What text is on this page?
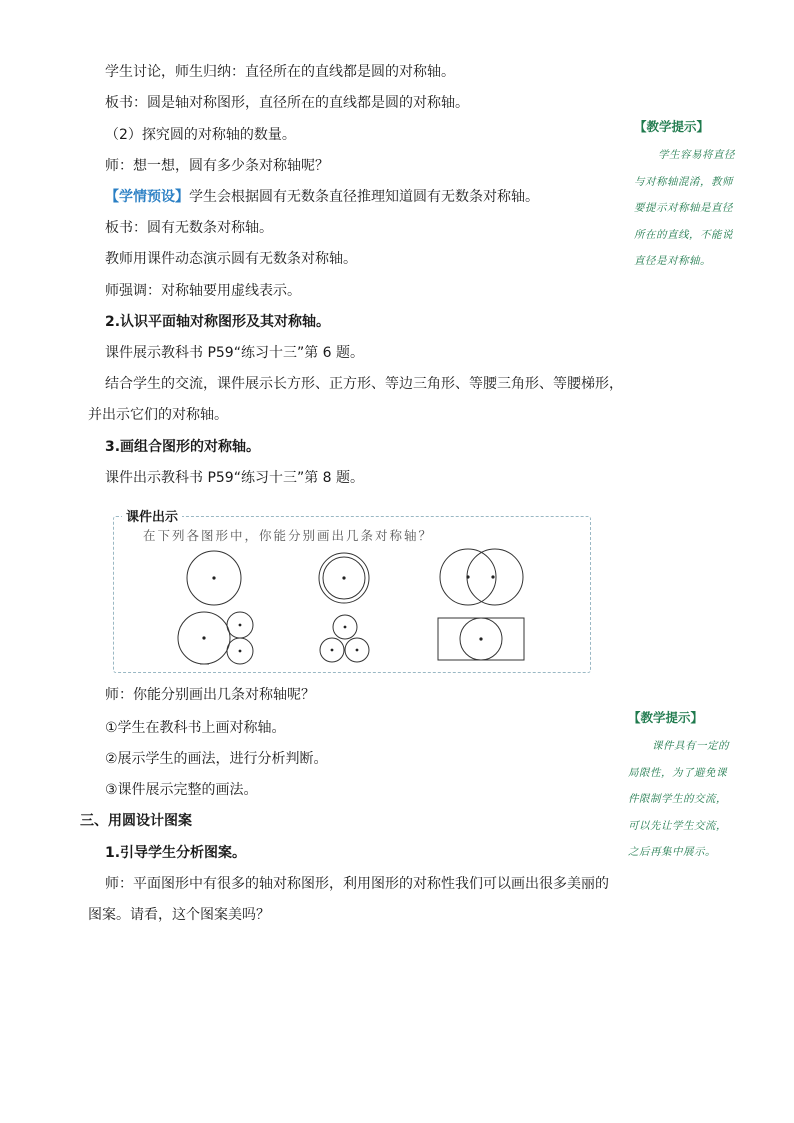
学生讨论，师生归纳：直径所在的直线都是圆的对称轴。
板书：圆是轴对称图形，直径所在的直线都是圆的对称轴。
（2）探究圆的对称轴的数量。
师：想一想，圆有多少条对称轴呢？
【学情预设】学生会根据圆有无数条直径推理知道圆有无数条对称轴。
板书：圆有无数条对称轴。
教师用课件动态演示圆有无数条对称轴。
师强调：对称轴要用虚线表示。
2.认识平面轴对称图形及其对称轴。
课件展示教科书 P59“练习十三”第 6 题。
结合学生的交流，课件展示长方形、正方形、等边三角形、等腰三角形、等腰梯形，
并出示它们的对称轴。
3.画组合图形的对称轴。
课件出示教科书 P59“练习十三”第 8 题。
课件出示
在下列各图形中，你能分别画出几条对称轴？
师：你能分别画出几条对称轴呢？
①学生在教科书上画对称轴。
②展示学生的画法，进行分析判断。
③课件展示完整的画法。
三、用圆设计图案
1.引导学生分析图案。
师：平面图形中有很多的轴对称图形，利用图形的对称性我们可以画出很多美丽的
图案。请看，这个图案美吗？
【教学提示】
学生容易将直径
与对称轴混淆，教师
要提示对称轴是直径
所在的直线，不能说
直径是对称轴。
【教学提示】
课件具有一定的
局限性，为了避免课
件限制学生的交流，
可以先让学生交流，
之后再集中展示。
